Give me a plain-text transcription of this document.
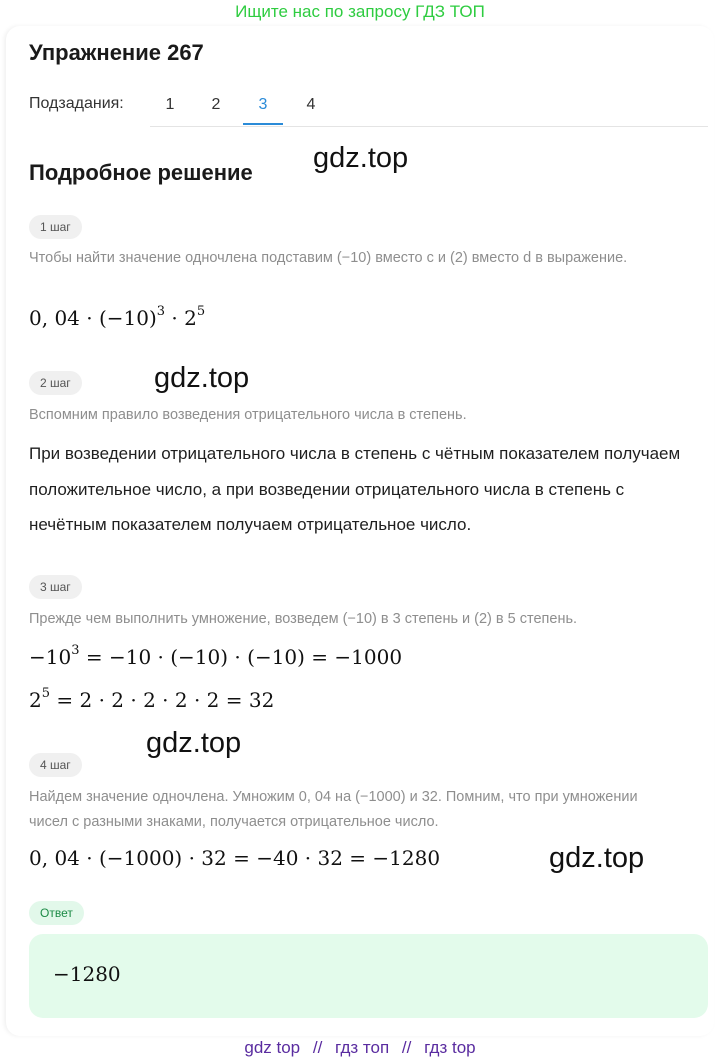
Ищите нас по запросу ГДЗ ТОП
Упражнение 267
Подзадания:	1	2	3	4
Подробное решение gdz.top
1 шаг
Чтобы найти значение одночлена подставим (−10) вместо c и (2) вместо d в выражение.
0, $04 \cdot (-10)^3 \cdot 2^5$
2 шаг	gdz.top
Вспомним правило возведения отрицательного числа в степень.
При возведении отрицательного числа в степень с чётным показателем получаем положительное число, а при возведении отрицательного числа в степень с нечётным показателем получаем отрицательное число.
3 шаг
Прежде чем выполнить умножение, возведем (−10) в 3 степень и (2) в 5 степень.
$-10^3 = -10 \cdot (-10) \cdot (-10) = -1000$
$2^5 = 2 \cdot 2 \cdot 2 \cdot 2 \cdot 2 = 32$
gdz.top
4 шаг
Найдем значение одночлена. Умножим 0, 04 на (−1000) и 32. Помним, что при умножении чисел с разными знаками, получается отрицательное число.
0, 04 · (−1000) · 32 = −40 · 32 = −1280	gdz.top
Ответ
−1280
gdz top // гдз топ // гдз top
